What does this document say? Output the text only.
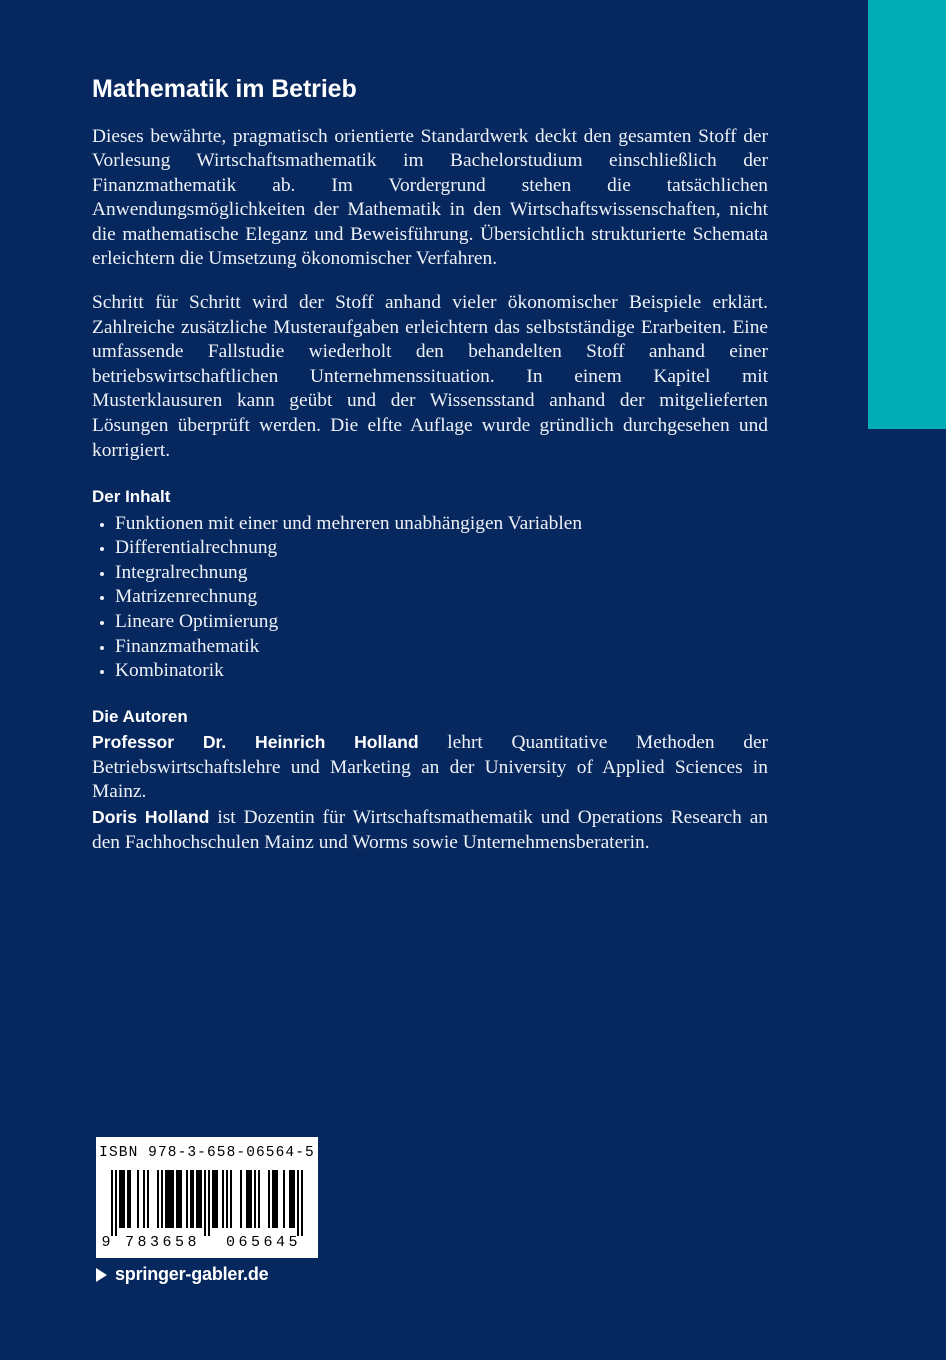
Mathematik im Betrieb

Dieses bewährte, pragmatisch orientierte Standardwerk deckt den gesamten Stoff der Vorlesung Wirtschaftsmathematik im Bachelorstudium einschließlich der Finanzmathematik ab. Im Vordergrund stehen die tatsächlichen Anwendungsmöglichkeiten der Mathematik in den Wirtschaftswissenschaften, nicht die mathematische Eleganz und Beweisführung. Übersichtlich strukturierte Schemata erleichtern die Umsetzung ökonomischer Verfahren.

Schritt für Schritt wird der Stoff anhand vieler ökonomischer Beispiele erklärt. Zahlreiche zusätzliche Musteraufgaben erleichtern das selbstständige Erarbeiten. Eine umfassende Fallstudie wiederholt den behandelten Stoff anhand einer betriebswirtschaftlichen Unternehmenssituation. In einem Kapitel mit Musterklausuren kann geübt und der Wissensstand anhand der mitgelieferten Lösungen überprüft werden. Die elfte Auflage wurde gründlich durchgesehen und korrigiert.

Der Inhalt
Funktionen mit einer und mehreren unabhängigen Variablen
Differentialrechnung
Integralrechnung
Matrizenrechnung
Lineare Optimierung
Finanzmathematik
Kombinatorik
Die Autoren

Professor Dr. Heinrich Holland lehrt Quantitative Methoden der Betriebswirtschaftslehre und Marketing an der University of Applied Sciences in Mainz.

Doris Holland ist Dozentin für Wirtschaftsmathematik und Operations Research an den Fachhochschulen Mainz und Worms sowie Unternehmensberaterin.

ISBN 978-3-658-06564-5
9 783658	065645
springer-gabler.de
